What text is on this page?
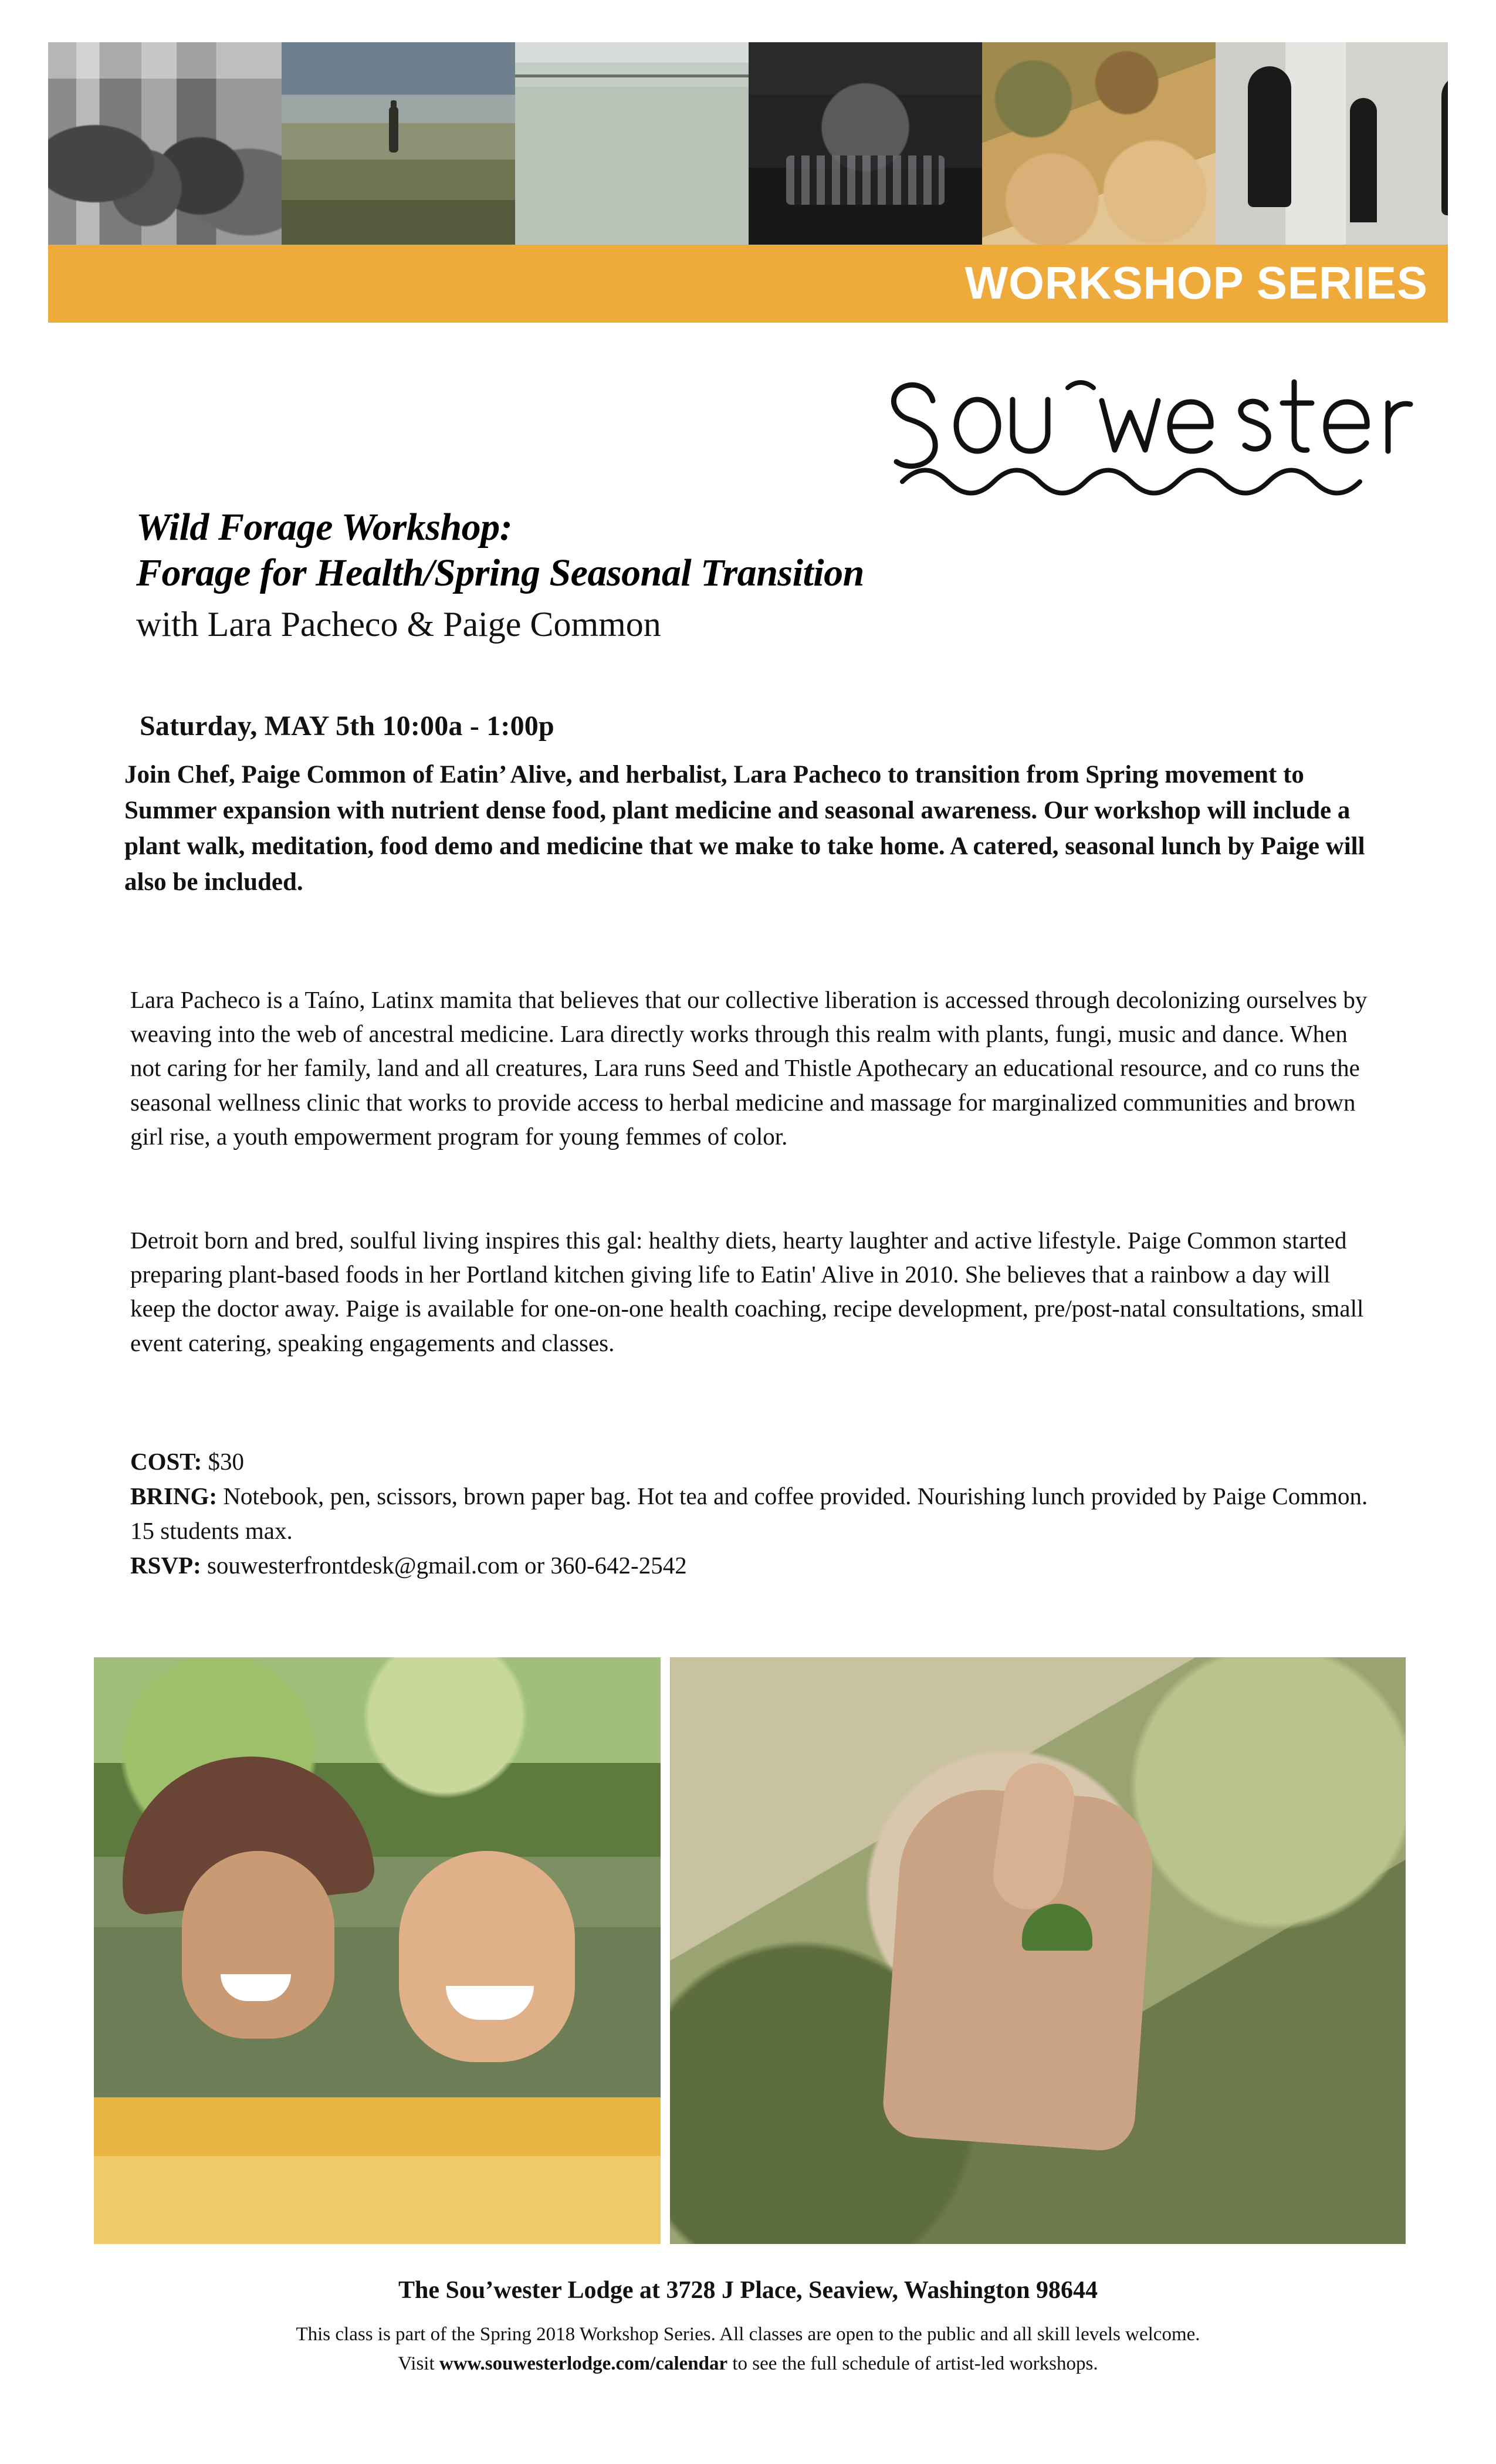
WORKSHOP SERIES
Wild Forage Workshop:
Forage for Health/Spring Seasonal Transition
with Lara Pacheco & Paige Common
Saturday, MAY 5th 10:00a - 1:00p
Join Chef, Paige Common of Eatin’ Alive, and herbalist, Lara Pacheco to transition from Spring movement to Summer expansion with nutrient dense food, plant medicine and seasonal awareness. Our workshop will include a plant walk, meditation, food demo and medicine that we make to take home. A catered, seasonal lunch by Paige will also be included.
Lara Pacheco is a Taíno, Latinx mamita that believes that our collective liberation is accessed through decolonizing ourselves by weaving into the web of ancestral medicine. Lara directly works through this realm with plants, fungi, music and dance. When not caring for her family, land and all creatures, Lara runs Seed and Thistle Apothecary an educational resource, and co runs the seasonal wellness clinic that works to provide access to herbal medicine and massage for marginalized communities and brown girl rise, a youth empowerment program for young femmes of color.
Detroit born and bred, soulful living inspires this gal: healthy diets, hearty laughter and active lifestyle. Paige Common started preparing plant-based foods in her Portland kitchen giving life to Eatin' Alive in 2010. She believes that a rainbow a day will keep the doctor away. Paige is available for one-on-one health coaching, recipe development, pre/post-natal consultations, small event catering, speaking engagements and classes.
COST: $30
BRING: Notebook, pen, scissors, brown paper bag. Hot tea and coffee provided. Nourishing lunch provided by Paige Common.
15 students max.
RSVP: souwesterfrontdesk@gmail.com or 360-642-2542
The Sou’wester Lodge at 3728 J Place, Seaview, Washington 98644
This class is part of the Spring 2018 Workshop Series. All classes are open to the public and all skill levels welcome.
Visit www.souwesterlodge.com/calendar to see the full schedule of artist-led workshops.
